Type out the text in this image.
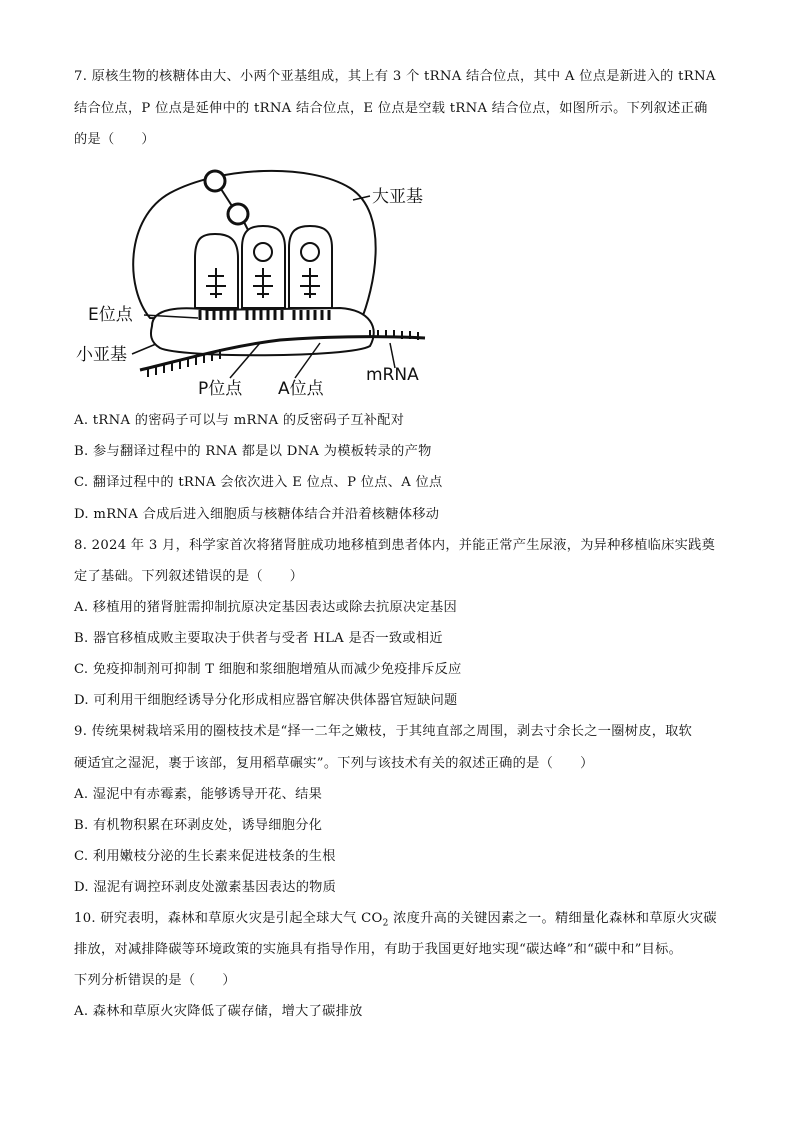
7. 原核生物的核糖体由大、小两个亚基组成，其上有 3 个 tRNA 结合位点，其中 A 位点是新进入的 tRNA
结合位点，P 位点是延伸中的 tRNA 结合位点，E 位点是空载 tRNA 结合位点，如图所示。下列叙述正确
的是（　　）
大亚基
E位点
小亚基
P位点 A位点
mRNA
A. tRNA 的密码子可以与 mRNA 的反密码子互补配对
B. 参与翻译过程中的 RNA 都是以 DNA 为模板转录的产物
C. 翻译过程中的 tRNA 会依次进入 E 位点、P 位点、A 位点
D. mRNA 合成后进入细胞质与核糖体结合并沿着核糖体移动
8. 2024 年 3 月，科学家首次将猪肾脏成功地移植到患者体内，并能正常产生尿液，为异种移植临床实践奠
定了基础。下列叙述错误的是（　　）
A. 移植用的猪肾脏需抑制抗原决定基因表达或除去抗原决定基因
B. 器官移植成败主要取决于供者与受者 HLA 是否一致或相近
C. 免疫抑制剂可抑制 T 细胞和浆细胞增殖从而减少免疫排斥反应
D. 可利用干细胞经诱导分化形成相应器官解决供体器官短缺问题
9. 传统果树栽培采用的圈枝技术是“择一二年之嫩枝，于其纯直部之周围，剥去寸余长之一圈树皮，取软
硬适宜之湿泥，裹于该部，复用稻草碾实”。下列与该技术有关的叙述正确的是（　　）
A. 湿泥中有赤霉素，能够诱导开花、结果
B. 有机物积累在环剥皮处，诱导细胞分化
C. 利用嫩枝分泌的生长素来促进枝条的生根
D. 湿泥有调控环剥皮处激素基因表达的物质
10. 研究表明，森林和草原火灾是引起全球大气 $CO_2$ 浓度升高的关键因素之一。精细量化森林和草原火灾碳
排放，对减排降碳等环境政策的实施具有指导作用，有助于我国更好地实现“碳达峰”和“碳中和”目标。
下列分析错误的是（　　）
A. 森林和草原火灾降低了碳存储，增大了碳排放
